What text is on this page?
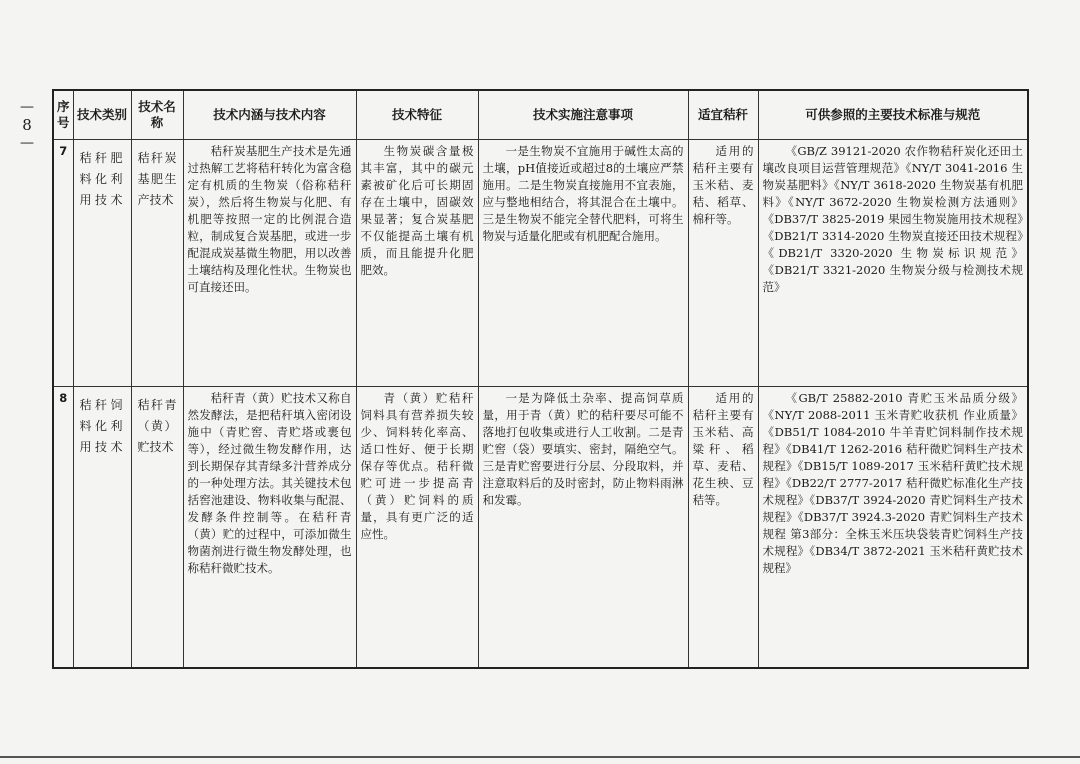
—
8
—
序号	技术类别	技术名称	技术内涵与技术内容	技术特征	技术实施注意事项	适宜秸秆	可供参照的主要技术标准与规范
7	秸秆肥料化利用技术	秸秆炭基肥生产技术	秸秆炭基肥生产技术是先通过热解工艺将秸秆转化为富含稳定有机质的生物炭（俗称秸秆炭），然后将生物炭与化肥、有机肥等按照一定的比例混合造粒，制成复合炭基肥，或进一步配混成炭基微生物肥，用以改善土壤结构及理化性状。生物炭也可直接还田。	生物炭碳含量极其丰富，其中的碳元素被矿化后可长期固存在土壤中，固碳效果显著；复合炭基肥不仅能提高土壤有机质，而且能提升化肥肥效。	一是生物炭不宜施用于碱性太高的土壤，pH值接近或超过8的土壤应严禁施用。二是生物炭直接施用不宜表施，应与整地相结合，将其混合在土壤中。三是生物炭不能完全替代肥料，可将生物炭与适量化肥或有机肥配合施用。	适用的秸秆主要有玉米秸、麦秸、稻草、棉秆等。	《GB/Z 39121-2020 农作物秸秆炭化还田土壤改良项目运营管理规范》《NY/T 3041-2016 生物炭基肥料》《NY/T 3618-2020 生物炭基有机肥料》《NY/T 3672-2020 生物炭检测方法通则》《DB37/T 3825-2019 果园生物炭施用技术规程》《DB21/T 3314-2020 生物炭直接还田技术规程》《DB21/T 3320-2020 生物炭标识规范》《DB21/T 3321-2020 生物炭分级与检测技术规范》
8	秸秆饲料化利用技术	秸秆青（黄）贮技术	秸秆青（黄）贮技术又称自然发酵法，是把秸秆填入密闭设施中（青贮窖、青贮塔或裹包等），经过微生物发酵作用，达到长期保存其青绿多汁营养成分的一种处理方法。其关键技术包括窖池建设、物料收集与配混、发酵条件控制等。在秸秆青（黄）贮的过程中，可添加微生物菌剂进行微生物发酵处理，也称秸秆微贮技术。	青（黄）贮秸秆饲料具有营养损失较少、饲料转化率高、适口性好、便于长期保存等优点。秸秆微贮可进一步提高青（黄）贮饲料的质量，具有更广泛的适应性。	一是为降低土杂率、提高饲草质量，用于青（黄）贮的秸秆要尽可能不落地打包收集或进行人工收割。二是青贮窖（袋）要填实、密封，隔绝空气。三是青贮窖要进行分层、分段取料，并注意取料后的及时密封，防止物料雨淋和发霉。	适用的秸秆主要有玉米秸、高粱秆、稻草、麦秸、花生秧、豆秸等。	《GB/T 25882-2010 青贮玉米品质分级》《NY/T 2088-2011 玉米青贮收获机 作业质量》《DB51/T 1084-2010 牛羊青贮饲料制作技术规程》《DB41/T 1262-2016 秸秆微贮饲料生产技术规程》《DB15/T 1089-2017 玉米秸秆黄贮技术规程》《DB22/T 2777-2017 秸秆微贮标准化生产技术规程》《DB37/T 3924-2020 青贮饲料生产技术规程》《DB37/T 3924.3-2020 青贮饲料生产技术规程 第3部分：全株玉米压块袋装青贮饲料生产技术规程》《DB34/T 3872-2021 玉米秸秆黄贮技术规程》
